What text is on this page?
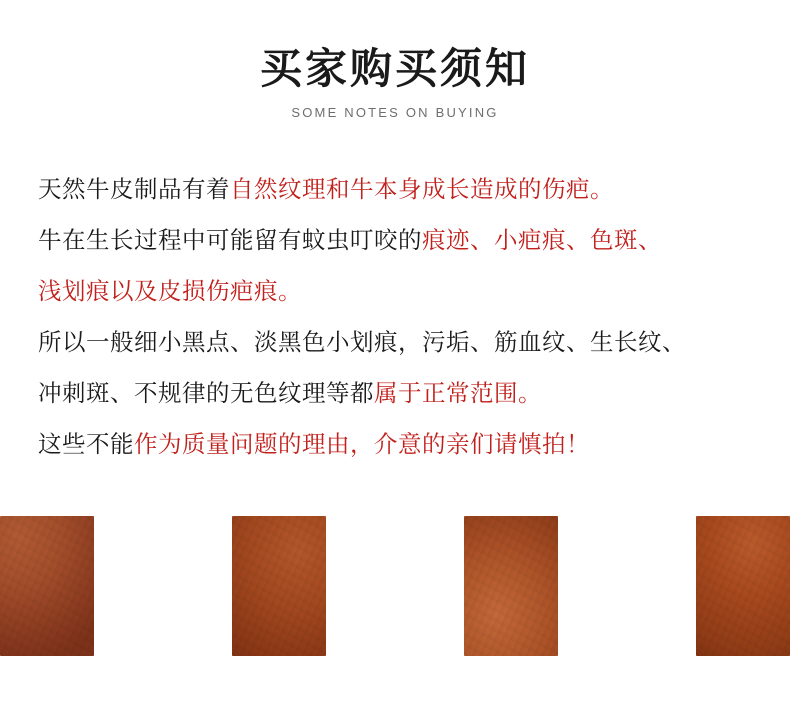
买家购买须知
SOME NOTES ON BUYING

天然牛皮制品有着自然纹理和牛本身成长造成的伤疤。

牛在生长过程中可能留有蚊虫叮咬的痕迹、小疤痕、色斑、

浅划痕以及皮损伤疤痕。

所以一般细小黑点、淡黑色小划痕，污垢、筋血纹、生长纹、

冲刺斑、不规律的无色纹理等都属于正常范围。

这些不能作为质量问题的理由，介意的亲们请慎拍！
